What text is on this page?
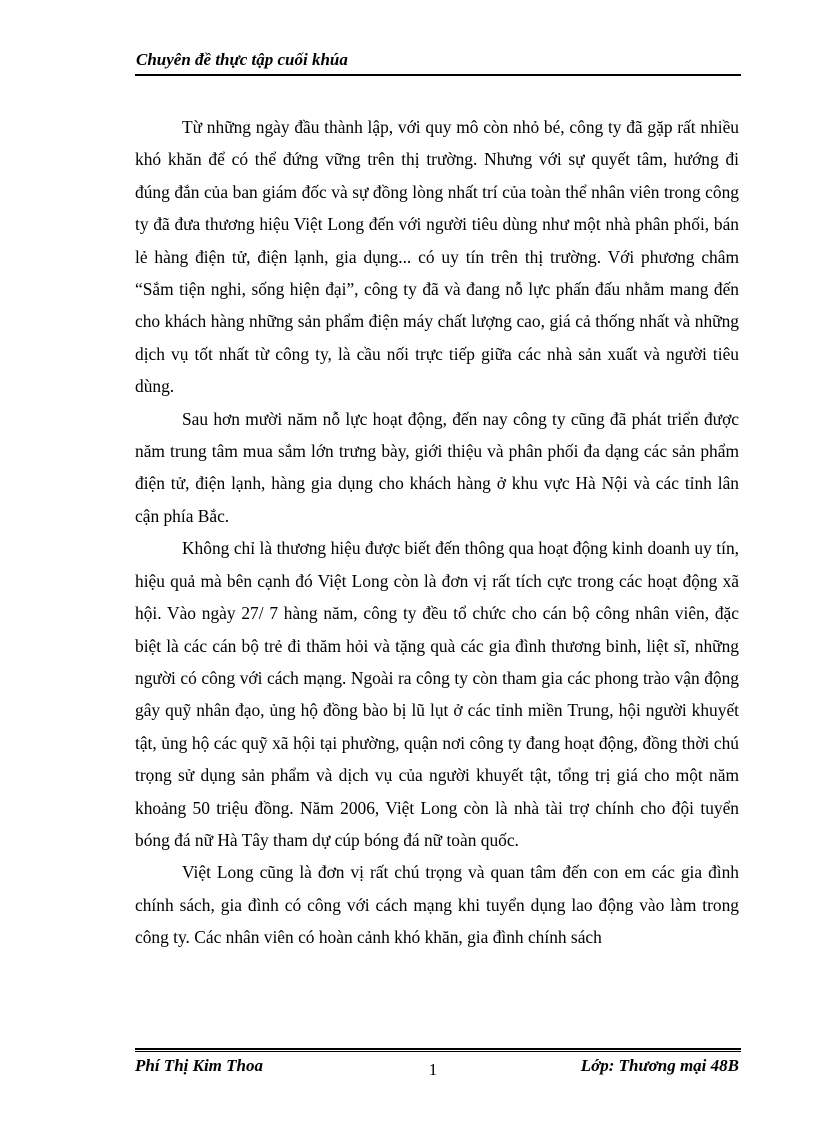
Chuyên đề thực tập cuối khúa

Từ những ngày đầu thành lập, với quy mô còn nhỏ bé, công ty đã gặp rất nhiều khó khăn để có thể đứng vững trên thị trường. Nhưng với sự quyết tâm, hướng đi đúng đắn của ban giám đốc và sự đồng lòng nhất trí của toàn thể nhân viên trong công ty đã đưa thương hiệu Việt Long đến với người tiêu dùng như một nhà phân phối, bán lẻ hàng điện tử, điện lạnh, gia dụng... có uy tín trên thị trường. Với phương châm “Sắm tiện nghi, sống hiện đại”, công ty đã và đang nỗ lực phấn đấu nhằm mang đến cho khách hàng những sản phẩm điện máy chất lượng cao, giá cả thống nhất và những dịch vụ tốt nhất từ công ty, là cầu nối trực tiếp giữa các nhà sản xuất và người tiêu dùng.

Sau hơn mười năm nỗ lực hoạt động, đến nay công ty cũng đã phát triển được năm trung tâm mua sắm lớn trưng bày, giới thiệu và phân phối đa dạng các sản phẩm điện tử, điện lạnh, hàng gia dụng cho khách hàng ở khu vực Hà Nội và các tỉnh lân cận phía Bắc.

Không chỉ là thương hiệu được biết đến thông qua hoạt động kinh doanh uy tín, hiệu quả mà bên cạnh đó Việt Long còn là đơn vị rất tích cực trong các hoạt động xã hội. Vào ngày 27/ 7 hàng năm, công ty đều tổ chức cho cán bộ công nhân viên, đặc biệt là các cán bộ trẻ đi thăm hỏi và tặng quà các gia đình thương binh, liệt sĩ, những người có công với cách mạng. Ngoài ra công ty còn tham gia các phong trào vận động gây quỹ nhân đạo, ủng hộ đồng bào bị lũ lụt ở các tỉnh miền Trung, hội người khuyết tật, ủng hộ các quỹ xã hội tại phường, quận nơi công ty đang hoạt động, đồng thời chú trọng sử dụng sản phẩm và dịch vụ của người khuyết tật, tổng trị giá cho một năm khoảng 50 triệu đồng. Năm 2006, Việt Long còn là nhà tài trợ chính cho đội tuyển bóng đá nữ Hà Tây tham dự cúp bóng đá nữ toàn quốc.

Việt Long cũng là đơn vị rất chú trọng và quan tâm đến con em các gia đình chính sách, gia đình có công với cách mạng khi tuyển dụng lao động vào làm trong công ty. Các nhân viên có hoàn cảnh khó khăn, gia đình chính sách

Phí Thị Kim Thoa	1	Lớp: Thương mại 48B
